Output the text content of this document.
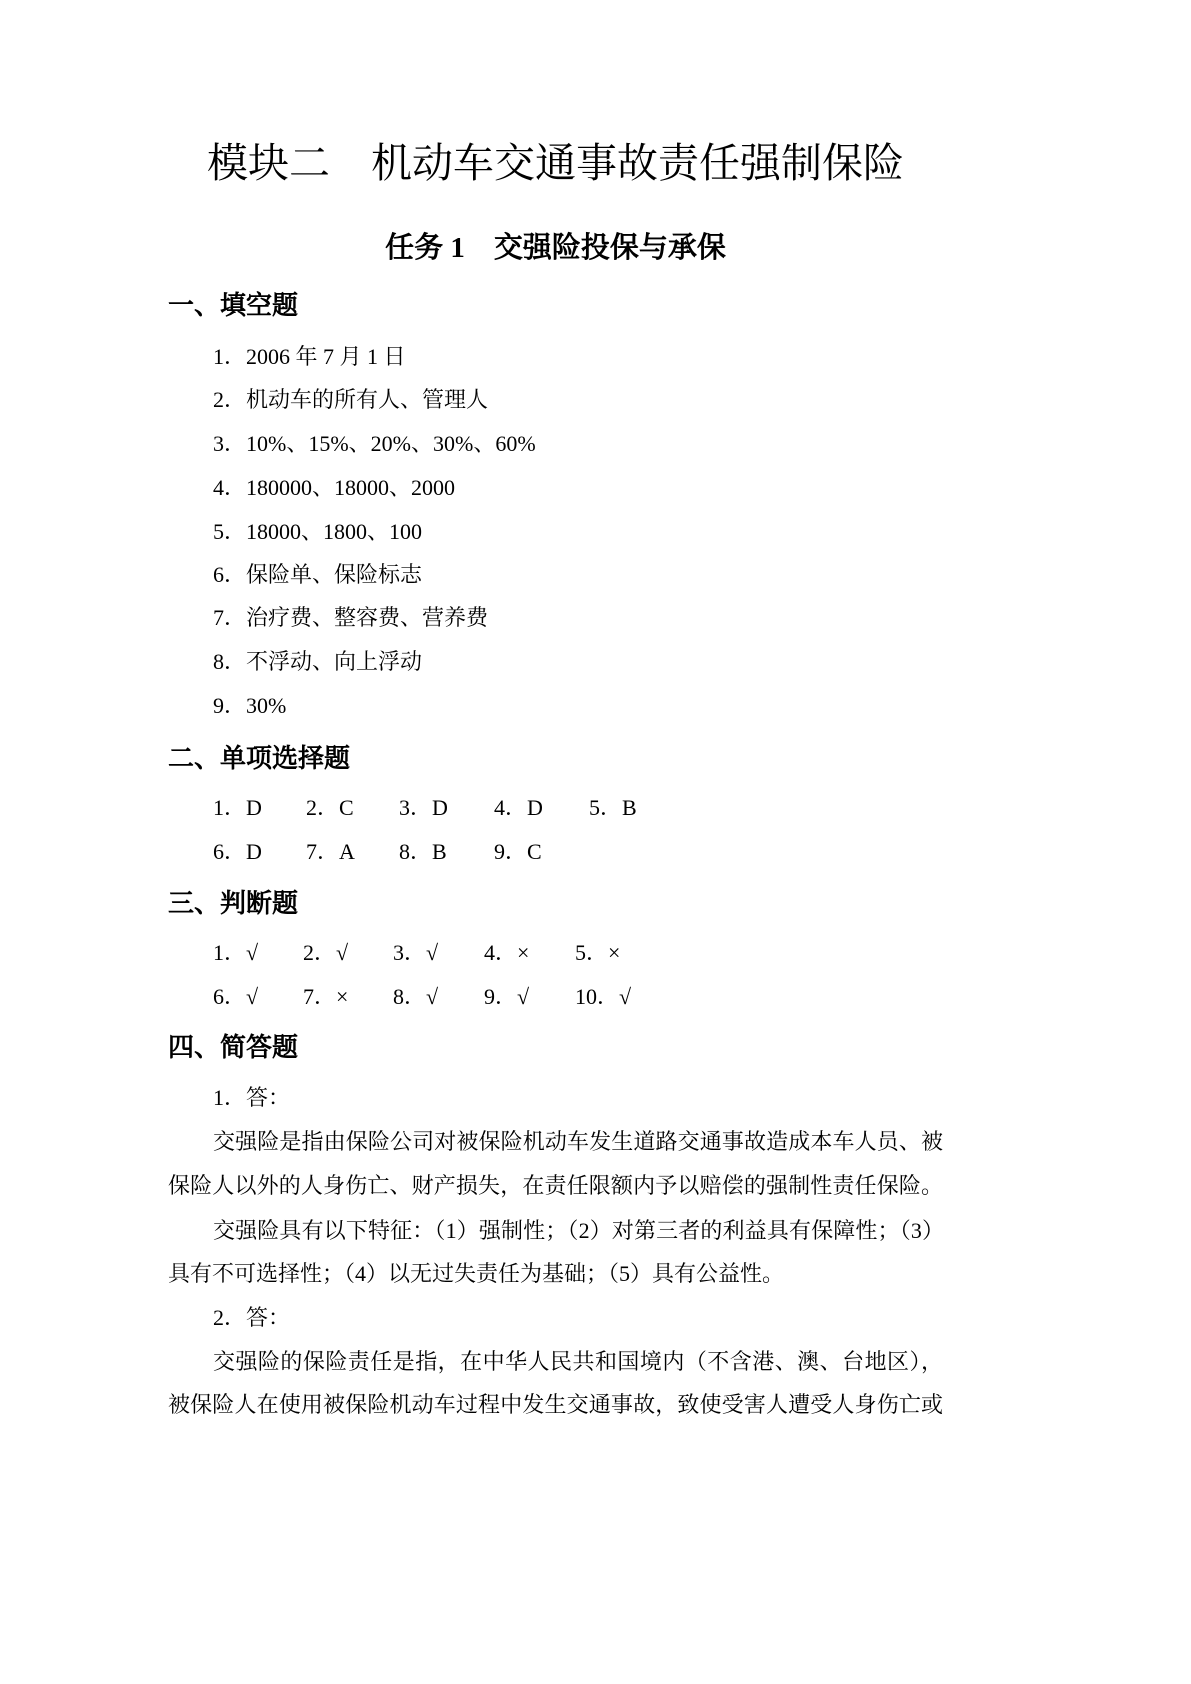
模块二　机动车交通事故责任强制保险
任务 1　交强险投保与承保
一、填空题
1．2006 年 7 月 1 日
2．机动车的所有人、管理人
3．10%、15%、20%、30%、60%
4．180000、18000、2000
5．18000、1800、100
6．保险单、保险标志
7．治疗费、整容费、营养费
8．不浮动、向上浮动
9．30%
二、单项选择题
1．D 2．C 3．D 4．D 5．B
6．D 7．A 8．B 9．C
三、判断题
1．√ 2．√ 3．√ 4．× 5．×
6．√ 7．× 8．√ 9．√ 10．√
四、简答题
1．答：
交强险是指由保险公司对被保险机动车发生道路交通事故造成本车人员、被
保险人以外的人身伤亡、财产损失，在责任限额内予以赔偿的强制性责任保险。
交强险具有以下特征：（1）强制性；（2）对第三者的利益具有保障性；（3）
具有不可选择性；（4）以无过失责任为基础；（5）具有公益性。
2．答：
交强险的保险责任是指，在中华人民共和国境内（不含港、澳、台地区），
被保险人在使用被保险机动车过程中发生交通事故，致使受害人遭受人身伤亡或
